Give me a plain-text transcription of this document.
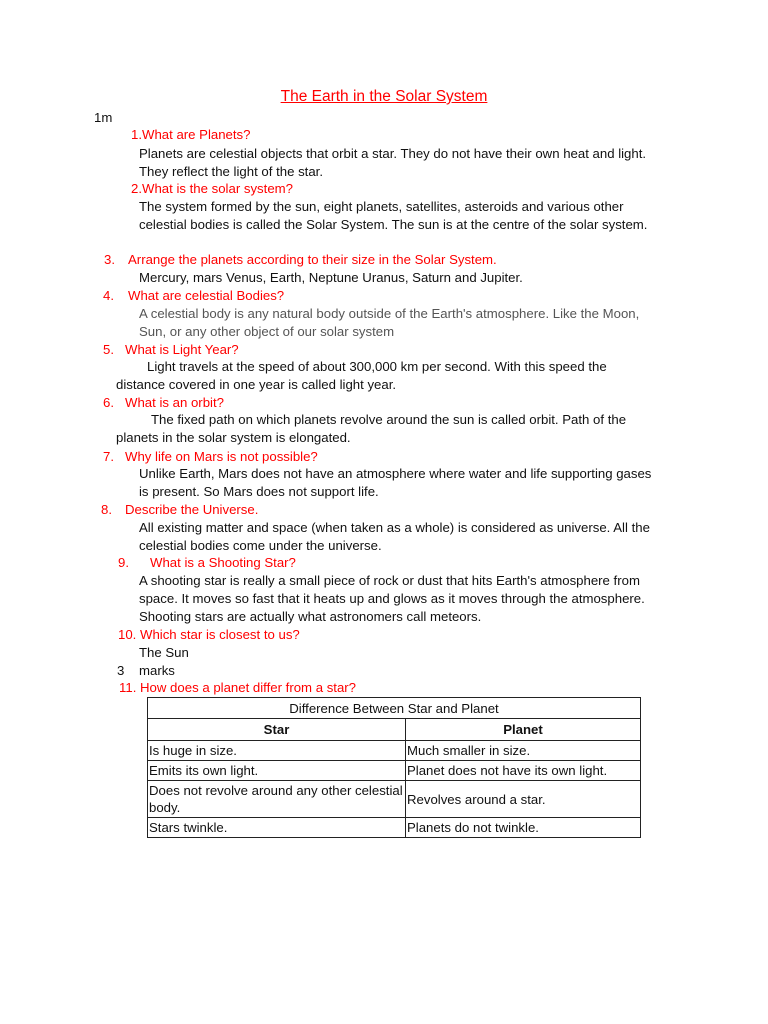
The Earth in the Solar System
1m
1.What are Planets?
Planets are celestial objects that orbit a star. They do not have their own heat and light. They reflect the light of the star.
2.What is the solar system?
The system formed by the sun, eight planets, satellites, asteroids and various other celestial bodies is called the Solar System. The sun is at the centre of the solar system.
3. Arrange the planets according to their size in the Solar System.
Mercury, mars Venus, Earth, Neptune Uranus, Saturn and Jupiter.
4. What are celestial Bodies?
A celestial body is any natural body outside of the Earth's atmosphere. Like the Moon, Sun, or any other object of our solar system
5. What is Light Year?
Light travels at the speed of about 300,000 km per second. With this speed the distance covered in one year is called light year.
6. What is an orbit?
The fixed path on which planets revolve around the sun is called orbit. Path of the planets in the solar system is elongated.
7. Why life on Mars is not possible?
Unlike Earth, Mars does not have an atmosphere where water and life supporting gases is present. So Mars does not support life.
8. Describe the Universe.
All existing matter and space (when taken as a whole) is considered as universe. All the celestial bodies come under the universe.
9. What is a Shooting Star?
A shooting star is really a small piece of rock or dust that hits Earth's atmosphere from space. It moves so fast that it heats up and glows as it moves through the atmosphere. Shooting stars are actually what astronomers call meteors.
10. Which star is closest to us?
The Sun
3 marks
11. How does a planet differ from a star?
Difference Between Star and Planet	
Star	Planet
Is huge in size.	Much smaller in size.
Emits its own light.	Planet does not have its own light.
Does not revolve around any other celestial body.	Revolves around a star.
Stars twinkle.	Planets do not twinkle.
